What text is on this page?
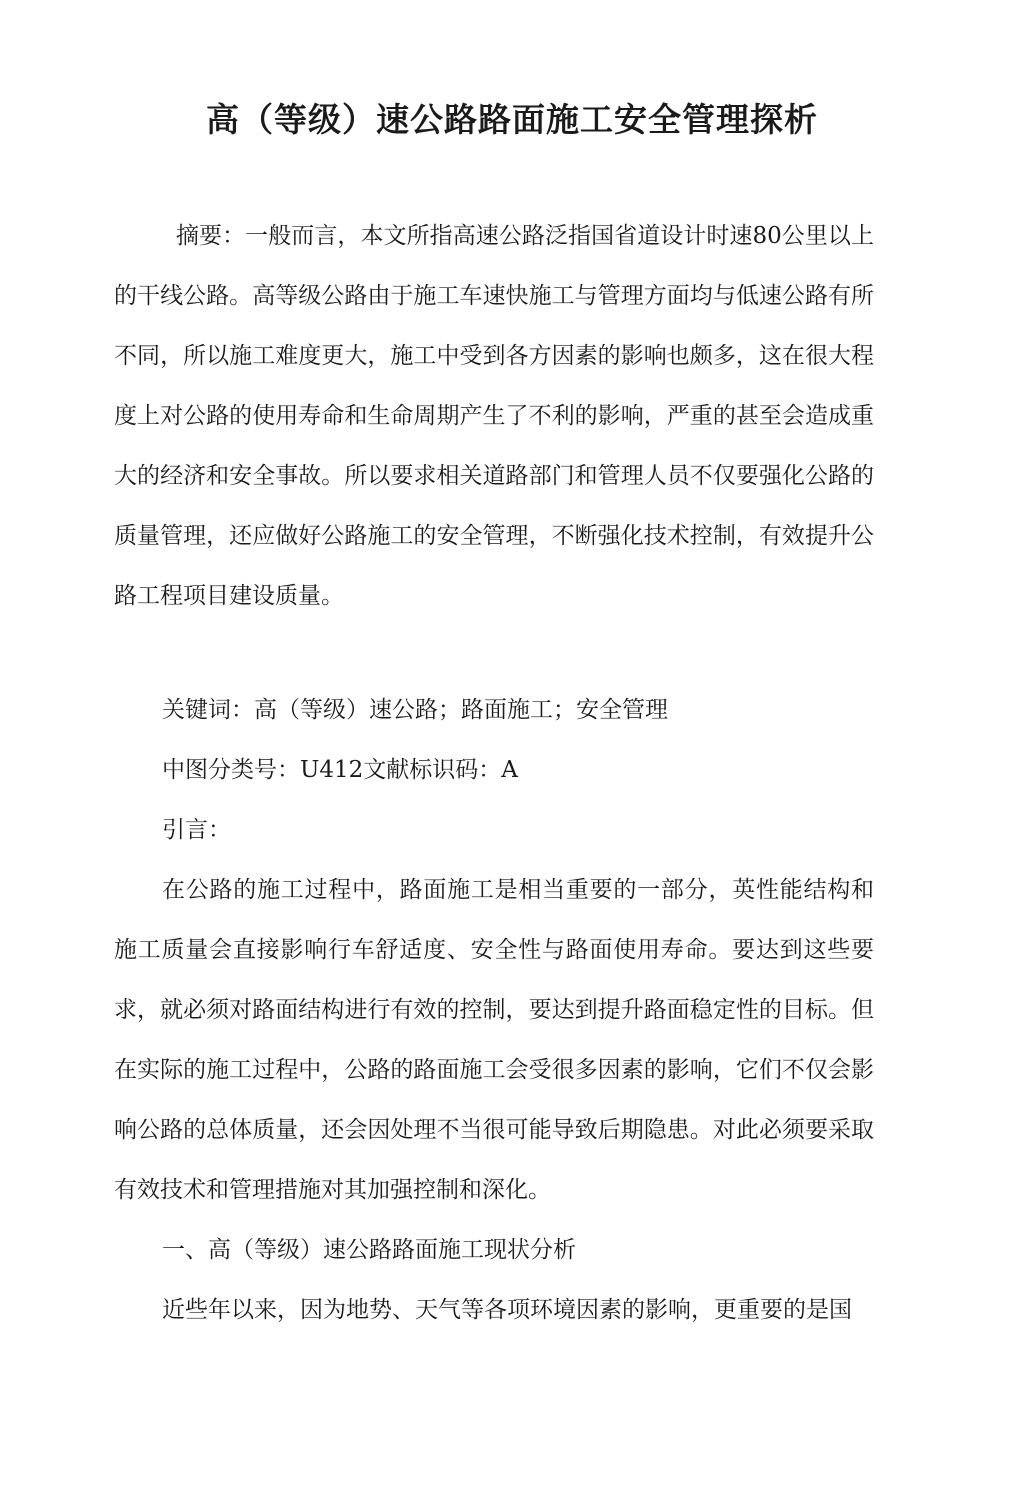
高（等级）速公路路面施工安全管理探析

摘要：一般而言，本文所指高速公路泛指国省道设计时速80公里以上的干线公路。高等级公路由于施工车速快施工与管理方面均与低速公路有所不同，所以施工难度更大，施工中受到各方因素的影响也颇多，这在很大程度上对公路的使用寿命和生命周期产生了不利的影响，严重的甚至会造成重大的经济和安全事故。所以要求相关道路部门和管理人员不仅要强化公路的质量管理，还应做好公路施工的安全管理，不断强化技术控制，有效提升公路工程项目建设质量。

关键词：高（等级）速公路；路面施工；安全管理

中图分类号：U412文献标识码：A

引言：

在公路的施工过程中，路面施工是相当重要的一部分，英性能结构和施工质量会直接影响行车舒适度、安全性与路面使用寿命。要达到这些要求，就必须对路面结构进行有效的控制，要达到提升路面稳定性的目标。但在实际的施工过程中，公路的路面施工会受很多因素的影响，它们不仅会影响公路的总体质量，还会因处理不当很可能导致后期隐患。对此必须要采取有效技术和管理措施对其加强控制和深化。

一、高（等级）速公路路面施工现状分析

近些年以来，因为地势、天气等各项环境因素的影响，更重要的是国
